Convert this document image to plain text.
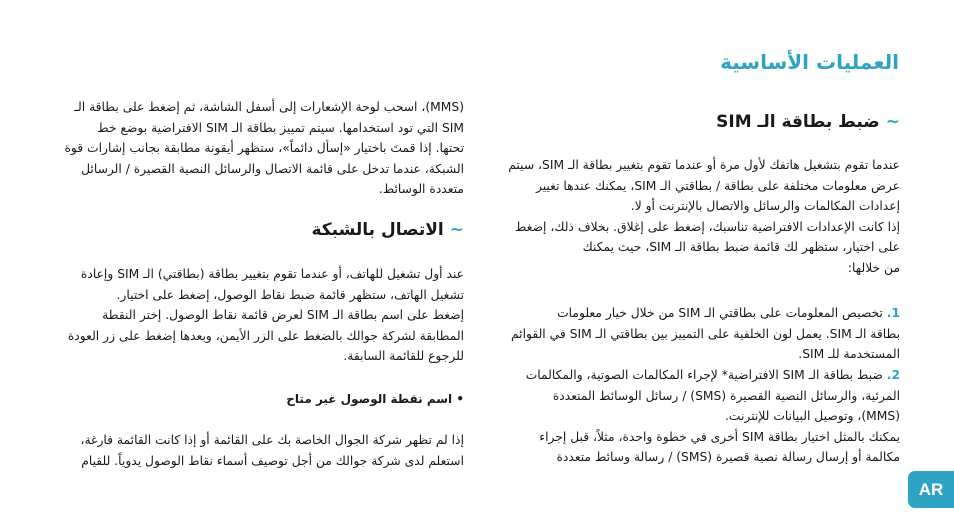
العمليات الأساسية
~ضبط بطاقة الـ SIM

عندما تقوم بتشغيل هاتفك لأول مرة أو عندما تقوم بتغيير بطاقة الـ SIM، سيتم
عرض معلومات مختلفة على بطاقة / بطاقتي الـ SIM، يمكنك عندها تغيير
إعدادات المكالمات والرسائل والاتصال بالإنترنت أو لا.
إذا كانت الإعدادات الافتراضية تناسبك، إضغط على إغلاق. بخلاف ذلك، إضغط
على اختيار، ستظهر لك قائمة ضبط بطاقة الـ SIM، حيث يمكنك
من خلالها:

1. تخصيص المعلومات على بطاقتي الـ SIM من خلال خيار معلومات
بطاقة الـ SIM. يعمل لون الخلفية على التمييز بين بطاقتي الـ SIM في القوائم
المستخدمة للـ SIM.

2. ضبط بطاقة الـ SIM الافتراضية* لإجراء المكالمات الصوتية، والمكالمات
المرئية، والرسائل النصية القصيرة (SMS) / رسائل الوسائط المتعددة
(MMS)، وتوصيل البيانات للإنترنت.
يمكنك بالمثل اختيار بطاقة SIM أخرى في خطوة واحدة، مثلاً، قبل إجراء
مكالمة أو إرسال رسالة نصية قصيرة (SMS) / رسالة وسائط متعددة

(MMS)، اسحب لوحة الإشعارات إلى أسفل الشاشة، ثم إضغط على بطاقة الـ
SIM التي تود استخدامها. سيتم تمييز بطاقة الـ SIM الافتراضية بوضع خط
تحتها. إذا قمتَ باختيار «إسأل دائماً»، ستظهر أيقونة مطابقة بجانب إشارات قوة
الشبكة، عندما تدخل على قائمة الاتصال والرسائل النصية القصيرة / الرسائل
متعددة الوسائط.

~الاتصال بالشبكة

عند أول تشغيل للهاتف، أو عندما تقوم بتغيير بطاقة (بطاقتي) الـ SIM وإعادة
تشغيل الهاتف، ستظهر قائمة ضبط نقاط الوصول، إضغط على اختيار.
إضغط على اسم بطاقة الـ SIM لعرض قائمة نقاط الوصول. إختر النقطة
المطابقة لشركة جوالك بالضغط على الزر الأيمن، وبعدها إضغط على زر العودة
للرجوع للقائمة السابقة.

• اسم نقطة الوصول غير متاح

إذا لم تظهر شركة الجوال الخاصة بك على القائمة أو إذا كانت القائمة فارغة،
استعلم لدى شركة جوالك من أجل توصيف أسماء نقاط الوصول يدوياً. للقيام

AR
